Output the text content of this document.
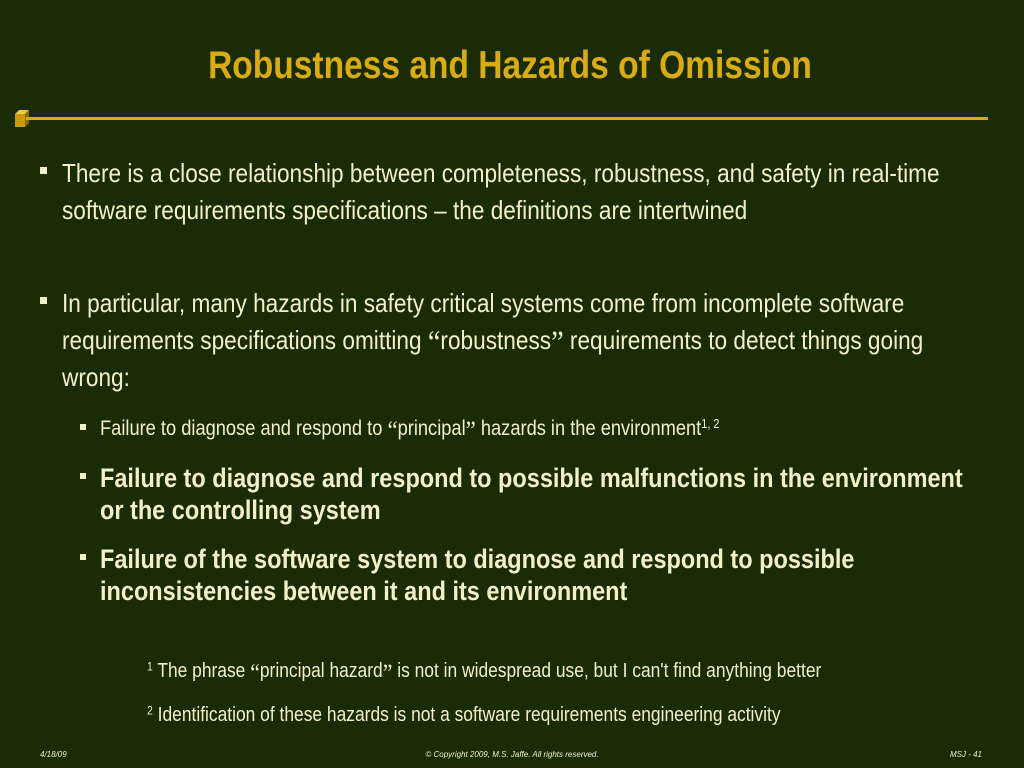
Robustness and Hazards of Omission
There is a close relationship between completeness, robustness, and safety in real-time software requirements specifications – the definitions are intertwined
In particular, many hazards in safety critical systems come from incomplete software requirements specifications omitting “robustness” requirements to detect things going wrong:
Failure to diagnose and respond to “principal” hazards in the environment$^{1, 2}$
Failure to diagnose and respond to possible malfunctions in the environment or the controlling system
Failure of the software system to diagnose and respond to possible inconsistencies between it and its environment
$^1$ The phrase “principal hazard” is not in widespread use, but I can't find anything better
$^2$ Identification of these hazards is not a software requirements engineering activity
4/18/09	© Copyright 2009, M.S. Jaffe. All rights reserved.	MSJ - 41
